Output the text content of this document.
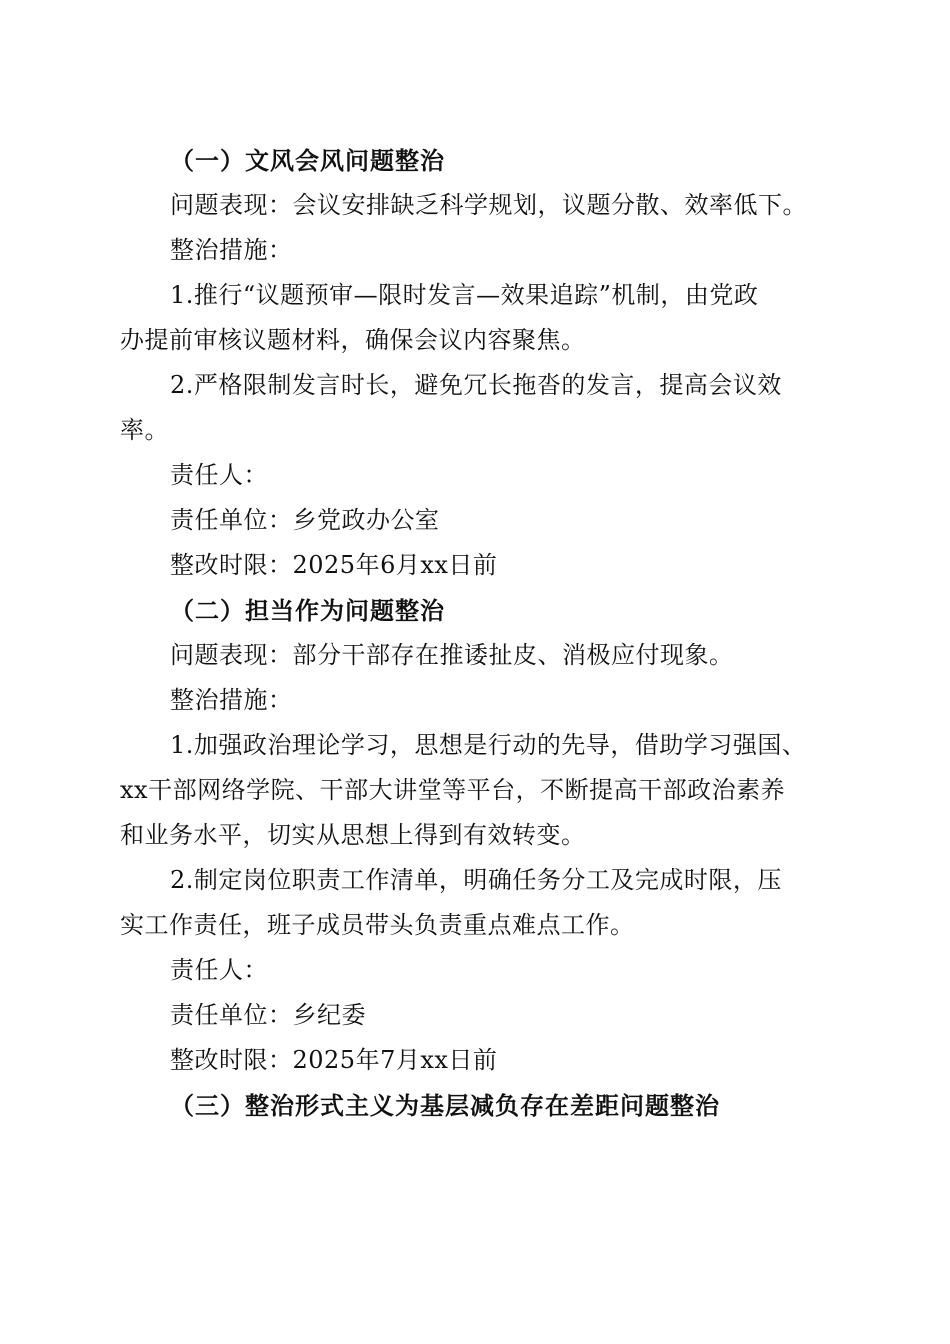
（一）文风会风问题整治
问题表现：会议安排缺乏科学规划，议题分散、效率低下。
整治措施：
1.推行“议题预审—限时发言—效果追踪”机制，由党政
办提前审核议题材料，确保会议内容聚焦。
2.严格限制发言时长，避免冗长拖沓的发言，提高会议效
率。
责任人：
责任单位：乡党政办公室
整改时限：2025年6月xx日前
（二）担当作为问题整治
问题表现：部分干部存在推诿扯皮、消极应付现象。
整治措施：
1.加强政治理论学习，思想是行动的先导，借助学习强国、
xx干部网络学院、干部大讲堂等平台，不断提高干部政治素养
和业务水平，切实从思想上得到有效转变。
2.制定岗位职责工作清单，明确任务分工及完成时限，压
实工作责任，班子成员带头负责重点难点工作。
责任人：
责任单位：乡纪委
整改时限：2025年7月xx日前
（三）整治形式主义为基层减负存在差距问题整治
